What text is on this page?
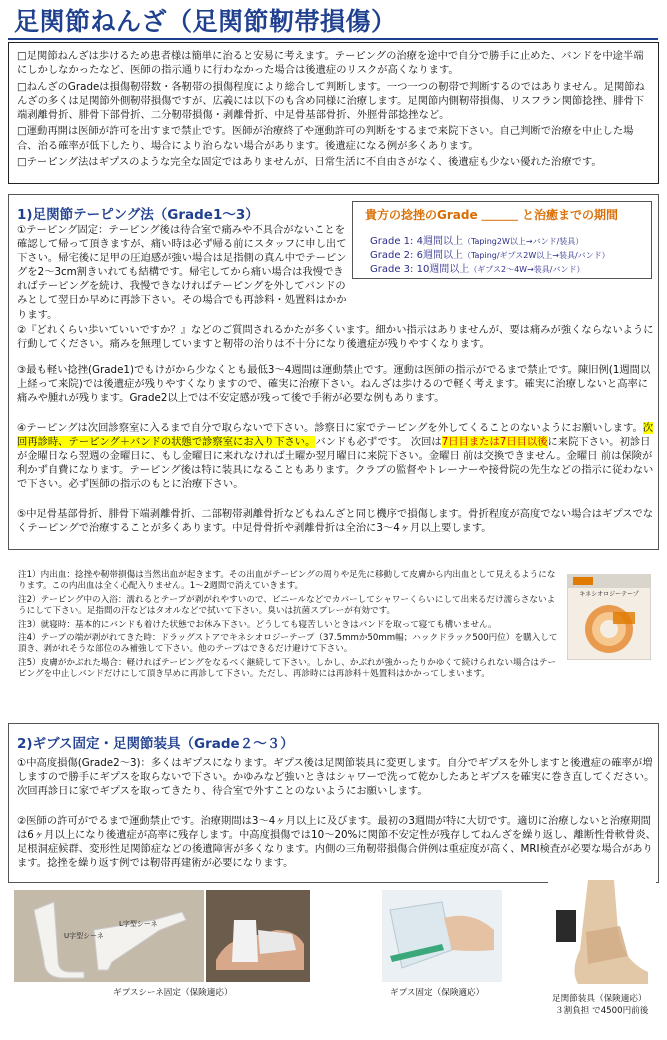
足関節ねんざ（足関節靭帯損傷）

□足関節ねんざは歩けるため患者様は簡単に治ると安易に考えます。テーピングの治療を途中で自分で勝手に止めた、バンドを中途半端にしかしなかったなど、医師の指示通りに行わなかった場合は後遺症のリスクが高くなります。

□ねんざのGradeは損傷靭帯数・各靭帯の損傷程度により総合して判断します。一つ一つの靭帯で判断するのではありません。足関節ねんざの多くは足関節外側靭帯損傷ですが、広義には以下のも含め同様に治療します。足関節内側靭帯損傷、リスフラン関節捻挫、腓骨下端剥離骨折、腓骨下部骨折、二分靭帯損傷・剥離骨折、中足骨基部骨折、外脛骨部捻挫など。

□運動再開は医師が許可を出すまで禁止です。医師が治療終了や運動許可の判断をするまで来院下さい。自己判断で治療を中止した場合、治る確率が低下したり、場合により治らない場合があります。後遺症になる例が多くあります。

□テーピング法はギプスのような完全な固定ではありませんが、日常生活に不自由さがなく、後遺症も少ない優れた治療です。

1)足関節テーピング法（Grade1～3）	貴方の捻挫のGrade ＿＿＿ と治癒までの期間
Grade 1: 4週間以上（Taping2W以上→バンド/装具）
Grade 2: 6週間以上（Taping/ギプス2W以上→装具/バンド）
Grade 3: 10週間以上（ギプス2～4W→装具/バンド）
①テーピング固定：テーピング後は待合室で痛みや不具合がないことを確認して帰って頂きますが、痛い時は必ず帰る前にスタッフに申し出て下さい。帰宅後に足甲の圧迫感が強い場合は足指側の真ん中でテーピングを2～3cm割きいれても結構です。帰宅してから痛い場合は我慢できればテーピングを続け、我慢できなければテーピングを外してバンドのみとして翌日か早めに再診下さい。その場合でも再診料・処置料はかかります。
②『どれくらい歩いていいですか？』などのご質問されるかたが多くいます。細かい指示はありませんが、要は痛みが強くならないように行動してください。痛みを無理していますと靭帯の治りは不十分になり後遺症が残りやすくなります。
③最も軽い捻挫(Grade1)でもけがから少なくとも最低3～4週間は運動禁止です。運動は医師の指示がでるまで禁止です。陳旧例(1週間以上経って来院)では後遺症が残りやすくなりますので、確実に治療下さい。ねんざは歩けるので軽く考えます。確実に治療しないと高率に痛みや腫れが残ります。Grade2以上では不安定感が残って後で手術が必要な例もあります。
④テーピングは次回診察室に入るまで自分で取らないで下さい。診察日に家でテーピングを外してくることのないようにお願いします。次回再診時、テーピング＋バンドの状態で診察室にお入り下さい。バンドも必ずです。 次回は7日目または7日目以後に来院下さい。初診日が金曜日なら翌週の金曜日に、もし金曜日に来れなければ土曜か翌月曜日に来院下さい。金曜日 前は交換できません。金曜日 前は保険が利かず自費になります。テーピング後は特に装具になることもあります。クラブの監督やトレーナーや接骨院の先生などの指示に従わないで下さい。必ず医師の指示のもとに治療下さい。
⑤中足骨基部骨折、腓骨下端剥離骨折、二部靭帯剥離骨折などもねんざと同じ機序で損傷します。骨折程度が高度でない場合はギプスでなくテーピングで治療することが多くあります。中足骨骨折や剥離骨折は全治に3～4ヶ月以上要します。

注1）内出血：捻挫や靭帯損傷は当然出血が起きます。その出血がテーピングの周りや足先に移動して皮膚から内出血として見えるようになります。この内出血は全く心配入りません。1～2週間で消えていきます。

注2）テーピング中の入浴：濡れるとテープが剥がれやすいので、ビニールなどでカバーしてシャワーくらいにして出来るだけ濡らさないようにして下さい。足指間の汗などはタオルなどで拭いて下さい。臭いは抗菌スプレーが有効です。

注3）就寝時：基本的にバンドも着けた状態でお休み下さい。どうしても寝苦しいときはバンドを取って寝ても構いません。

注4）テープの端が剥がれてきた時：ドラッグストアでキネシオロジーテープ（37.5mmか50mm幅；ハックドラック500円位）を購入して頂き、剥がれそうな部位のみ補強して下さい。他のテープはできるだけ避けて下さい。

注5）皮膚がかぶれた場合：軽ければテーピングをなるべく継続して下さい。しかし、かぶれが強かったりかゆくて続けられない場合はテーピングを中止しバンドだけにして頂き早めに再診して下さい。ただし、再診時には再診料＋処置料はかかってしまいます。

キネシオロジーテープ
2)ギブス固定・足関節装具（Grade２～３）
①中高度損傷(Grade2～3)：多くはギプスになります。ギプス後は足関節装具に変更します。自分でギプスを外しますと後遺症の確率が増しますので勝手にギプスを取らないで下さい。かゆみなど強いときはシャワーで洗って乾かしたあとギプスを確実に巻き直してください。次回再診日に家でギプスを取ってきたり、待合室で外すことのないようにお願いします。
②医師の許可がでるまで運動禁止です。治療期間は3～4ヶ月以上に及びます。最初の3週間が特に大切です。適切に治療しないと治療期間は6ヶ月以上になり後遺症が高率に残存します。中高度損傷では10～20%に関節不安定性が残存してねんざを繰り返し、離断性骨軟骨炎、足根洞症候群、変形性足関節症などの後遺障害が多くなります。内側の三角靭帯損傷合併例は重症度が高く、MRI検査が必要な場合があります。捻挫を繰り返す例では靭帯再建術が必要になります。
L字型シーネ
U字型シーネ
ギプスシーネ固定（保険適応）	ギプス固定（保険適応）
足関節装具（保険適応）
３割負担 で4500円前後
